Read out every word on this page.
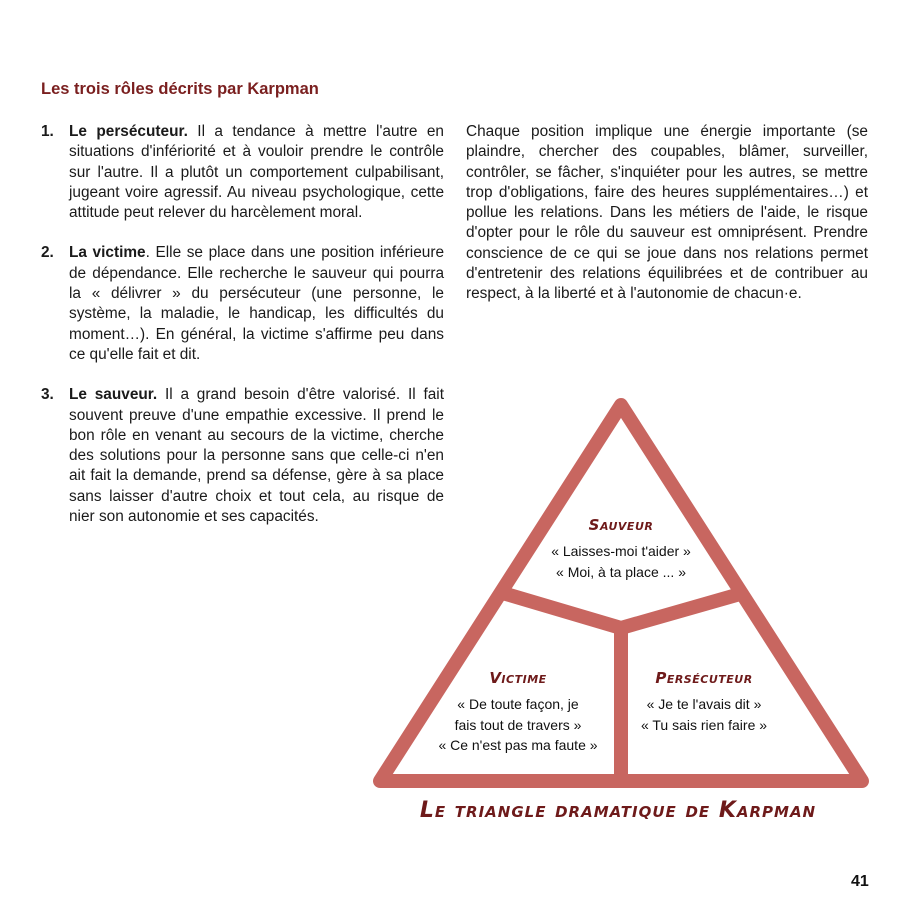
Les trois rôles décrits par Karpman
1. Le persécuteur. Il a tendance à mettre l'autre en situations d'infériorité et à vouloir prendre le contrôle sur l'autre. Il a plutôt un comportement culpabilisant, jugeant voire agressif. Au niveau psychologique, cette attitude peut relever du harcèlement moral.
2. La victime. Elle se place dans une position inférieure de dépendance. Elle recherche le sauveur qui pourra la « délivrer » du persécuteur (une personne, le système, la maladie, le handicap, les difficultés du moment…). En général, la victime s'affirme peu dans ce qu'elle fait et dit.
3. Le sauveur. Il a grand besoin d'être valorisé. Il fait souvent preuve d'une empathie excessive. Il prend le bon rôle en venant au secours de la victime, cherche des solutions pour la personne sans que celle-ci n'en ait fait la demande, prend sa défense, gère à sa place sans laisser d'autre choix et tout cela, au risque de nier son autonomie et ses capacités.
Chaque position implique une énergie importante (se plaindre, chercher des coupables, blâmer, surveiller, contrôler, se fâcher, s'inquiéter pour les autres, se mettre trop d'obligations, faire des heures supplémentaires…) et pollue les relations. Dans les métiers de l'aide, le risque d'opter pour le rôle du sauveur est omniprésent. Prendre conscience de ce qui se joue dans nos relations permet d'entretenir des relations équilibrées et de contribuer au respect, à la liberté et à l'autonomie de chacun·e.
Sauveur
« Laisses-moi t'aider »
« Moi, à ta place ... »
Victime
« De toute façon, je
fais tout de travers »
« Ce n'est pas ma faute »
Persécuteur
« Je te l'avais dit »
« Tu sais rien faire »
Le triangle dramatique de Karpman
41
